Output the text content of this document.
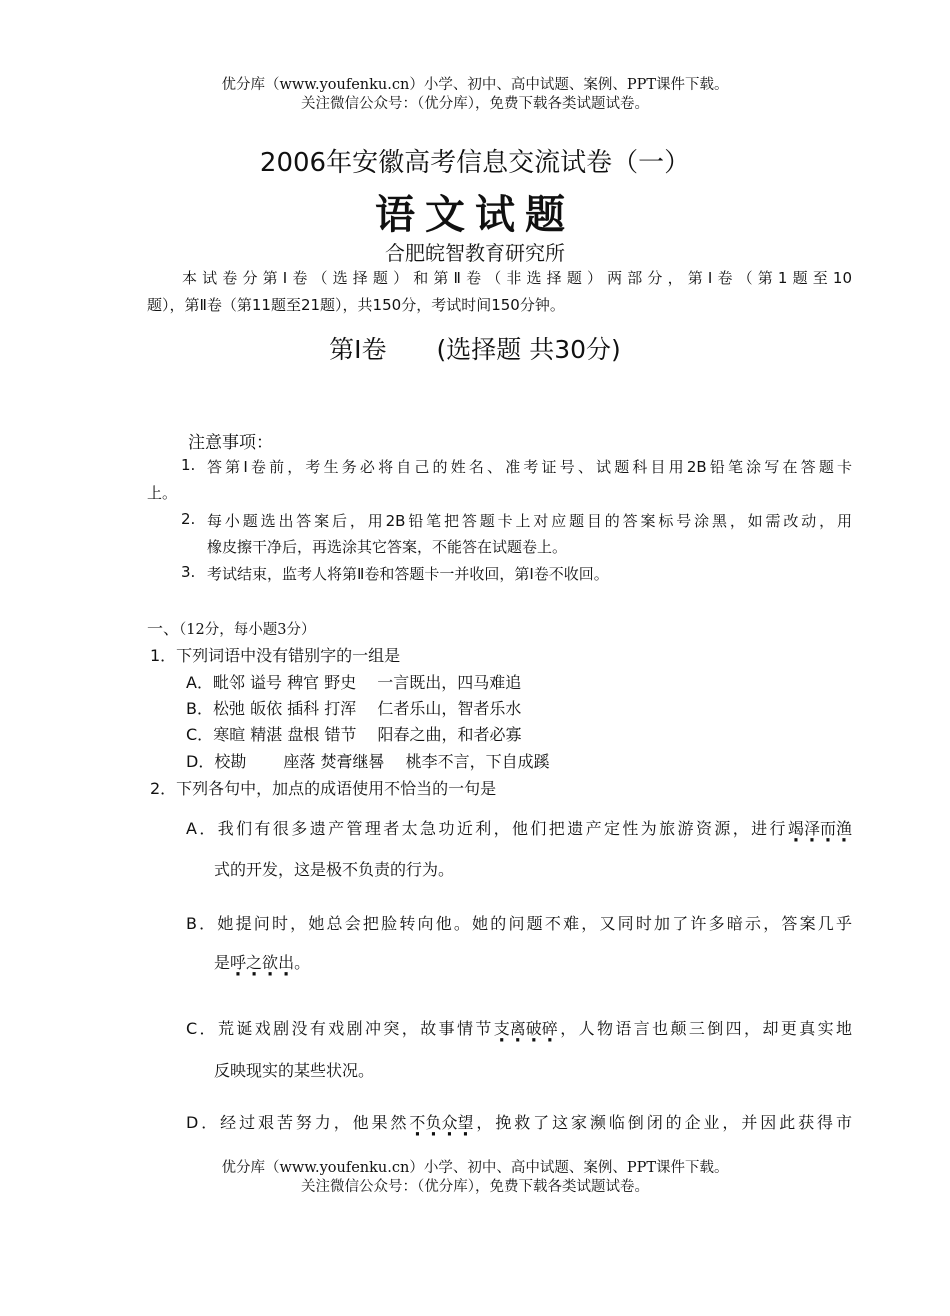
优分库（www.youfenku.cn）小学、初中、高中试题、案例、PPT课件下载。
关注微信公众号：（优分库），免费下载各类试题试卷。
2006年安徽高考信息交流试卷（一）
语文试题
合肥皖智教育研究所
本试卷分第Ⅰ卷（选择题）和第Ⅱ卷（非选择题）两部分，第Ⅰ卷（第1题至10
题），第Ⅱ卷（第11题至21题），共150分，考试时间150分钟。
第Ⅰ卷　　(选择题 共30分)
注意事项：
1. 答第Ⅰ卷前，考生务必将自己的姓名、准考证号、试题科目用2B铅笔涂写在答题卡
上。
2. 每小题选出答案后，用2B铅笔把答题卡上对应题目的答案标号涂黑，如需改动，用
橡皮擦干净后，再选涂其它答案，不能答在试题卷上。
3. 考试结束，监考人将第Ⅱ卷和答题卡一并收回，第Ⅰ卷不收回。
一、（12分，每小题3分）
1．下列词语中没有错别字的一组是
A．毗邻 谥号 稗官 野史　 一言既出，四马难追
B．松弛 皈依 插科 打浑　 仁者乐山，智者乐水
C．寒暄 精湛 盘根 错节　 阳春之曲，和者必寡
D．校勘　　 座落 焚膏继晷　 桃李不言，下自成蹊
2．下列各句中，加点的成语使用不恰当的一句是
A．我们有很多遗产管理者太急功近利，他们把遗产定性为旅游资源，进行竭泽而渔
式的开发，这是极不负责的行为。
B．她提问时，她总会把脸转向他。她的问题不难，又同时加了许多暗示，答案几乎
是呼之欲出。
C．荒诞戏剧没有戏剧冲突，故事情节支离破碎，人物语言也颠三倒四，却更真实地
反映现实的某些状况。
D．经过艰苦努力，他果然不负众望，挽救了这家濒临倒闭的企业，并因此获得市
优分库（www.youfenku.cn）小学、初中、高中试题、案例、PPT课件下载。
关注微信公众号：（优分库），免费下载各类试题试卷。
